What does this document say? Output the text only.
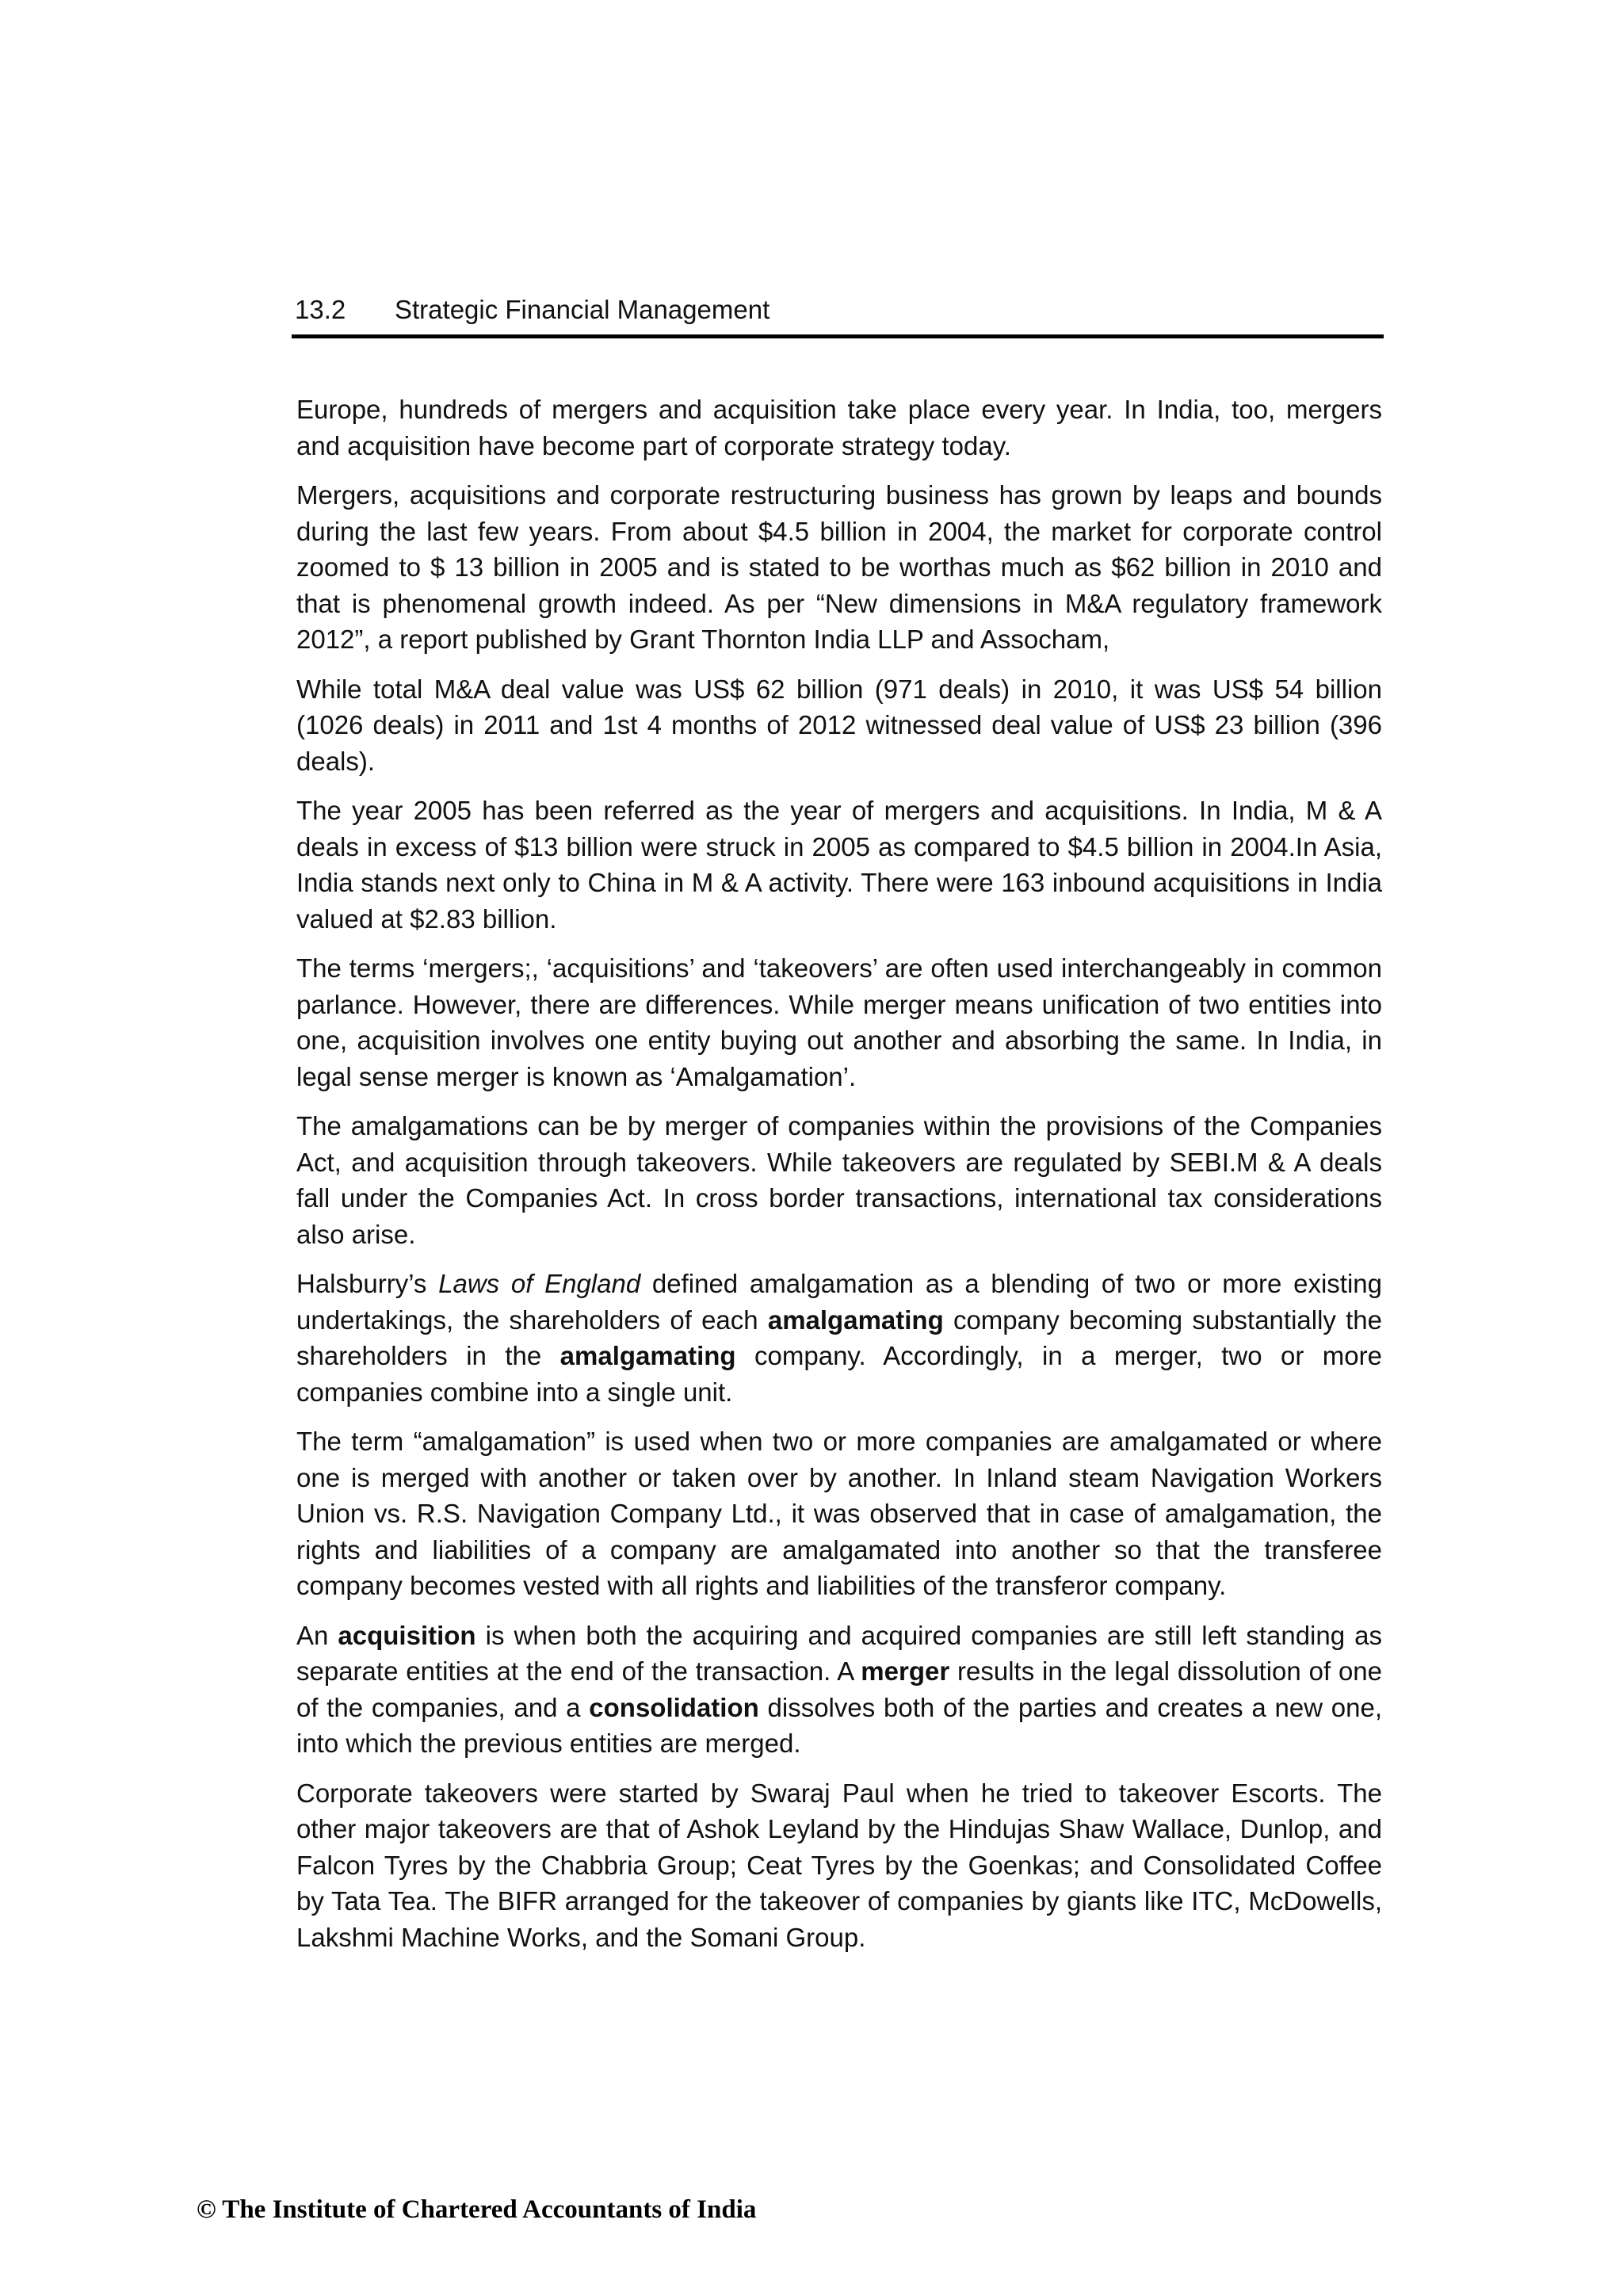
13.2 Strategic Financial Management

Europe, hundreds of mergers and acquisition take place every year. In India, too, mergers and acquisition have become part of corporate strategy today.

Mergers, acquisitions and corporate restructuring business has grown by leaps and bounds during the last few years. From about $4.5 billion in 2004, the market for corporate control zoomed to $ 13 billion in 2005 and is stated to be worthas much as $62 billion in 2010 and that is phenomenal growth indeed. As per “New dimensions in M&A regulatory framework 2012”, a report published by Grant Thornton India LLP and Assocham,

While total M&A deal value was US$ 62 billion (971 deals) in 2010, it was US$ 54 billion (1026 deals) in 2011 and 1st 4 months of 2012 witnessed deal value of US$ 23 billion (396 deals).

The year 2005 has been referred as the year of mergers and acquisitions. In India, M & A deals in excess of $13 billion were struck in 2005 as compared to $4.5 billion in 2004.In Asia, India stands next only to China in M & A activity. There were 163 inbound acquisitions in India valued at $2.83 billion.

The terms ‘mergers;, ‘acquisitions’ and ‘takeovers’ are often used interchangeably in common parlance. However, there are differences. While merger means unification of two entities into one, acquisition involves one entity buying out another and absorbing the same. In India, in legal sense merger is known as ‘Amalgamation’.

The amalgamations can be by merger of companies within the provisions of the Companies Act, and acquisition through takeovers. While takeovers are regulated by SEBI.M & A deals fall under the Companies Act. In cross border transactions, international tax considerations also arise.

Halsburry’s Laws of England defined amalgamation as a blending of two or more existing undertakings, the shareholders of each amalgamating company becoming substantially the shareholders in the amalgamating company. Accordingly, in a merger, two or more companies combine into a single unit.

The term “amalgamation” is used when two or more companies are amalgamated or where one is merged with another or taken over by another. In Inland steam Navigation Workers Union vs. R.S. Navigation Company Ltd., it was observed that in case of amalgamation, the rights and liabilities of a company are amalgamated into another so that the transferee company becomes vested with all rights and liabilities of the transferor company.

An acquisition is when both the acquiring and acquired companies are still left standing as separate entities at the end of the transaction. A merger results in the legal dissolution of one of the companies, and a consolidation dissolves both of the parties and creates a new one, into which the previous entities are merged.

Corporate takeovers were started by Swaraj Paul when he tried to takeover Escorts. The other major takeovers are that of Ashok Leyland by the Hindujas Shaw Wallace, Dunlop, and Falcon Tyres by the Chabbria Group; Ceat Tyres by the Goenkas; and Consolidated Coffee by Tata Tea. The BIFR arranged for the takeover of companies by giants like ITC, McDowells, Lakshmi Machine Works, and the Somani Group.

© The Institute of Chartered Accountants of India
